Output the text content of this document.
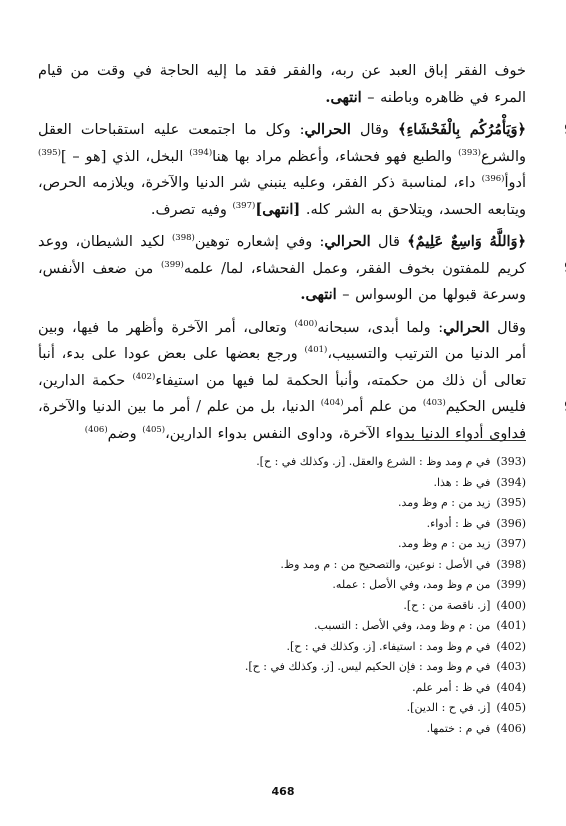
خوف الفقر إباق العبد عن ربه، والفقر فقد ما إليه الحاجة في وقت من قيام المرء في ظاهره وباطنه – انتهى.

﴿وَيَأْمُرُكُم بِالْفَحْشَاءِ﴾ وقال الحرالي: وكل ما اجتمعت عليه استقباحات العقل والشرع$^{(393)}$ والطبع فهو فحشاء، وأعظم مراد بها هنا$^{(394)}$ البخل، الذي [هو – ]$^{(395)}$ أدوأ$^{(396)}$ داء، لمناسبة ذكر الفقر، وعليه ينبني شر الدنيا والآخرة، ويلازمه الحرص، ويتابعه الحسد، ويتلاحق به الشر كله. [انتهى]$^{(397)}$ وفيه تصرف.

﴿وَاللَّهُ وَاسِعٌ عَلِيمٌ﴾ قال الحرالي: وفي إشعاره توهين$^{(398)}$ لكيد الشيطان، ووعد كريم للمفتون بخوف الفقر، وعمل الفحشاء، لما/ علمه$^{(399)}$ من ضعف الأنفس، وسرعة قبولها من الوسواس – انتهى.

وقال الحرالي: ولما أبدى، سبحانه$^{(400)}$ وتعالى، أمر الآخرة وأظهر ما فيها، وبين أمر الدنيا من الترتيب والتسبيب،$^{(401)}$ ورجع بعضها على بعض عودا على بدء، أنبأ تعالى أن ذلك من حكمته، وأنبأ الحكمة لما فيها من استيفاء$^{(402)}$ حكمة الدارين، فليس الحكيم$^{(403)}$ من علم أمر$^{(404)}$ الدنيا، بل من علم / أمر ما بين الدنيا والآخرة، فداوى أدواء الدنيا بدواء الآخرة، وداوى النفس بدواء الدارين،$^{(405)}$ وضم$^{(406)}$

(393)في م ومد وظ : الشرع والعقل. [ز. وكذلك في : ح].

(394)في ظ : هذا.

(395)زيد من : م وظ ومد.

(396)في ظ : أدواء.

(397)زيد من : م وظ ومد.

(398)في الأصل : نوعين، والتصحيح من : م ومد وظ.

(399)من م وظ ومد، وفي الأصل : عمله.

(400)[ز. ناقصة من : ح].

(401)من : م وظ ومد، وفي الأصل : التسبب.

(402)في م وظ ومد : استيفاء. [ز. وكذلك في : ح].

(403)في م وظ ومد : فإن الحكيم ليس. [ز. وكذلك في : ح].

(404)في ظ : أمر علم.

(405)[ز. في ح : الدين].

(406)في م : ختمها.

468
